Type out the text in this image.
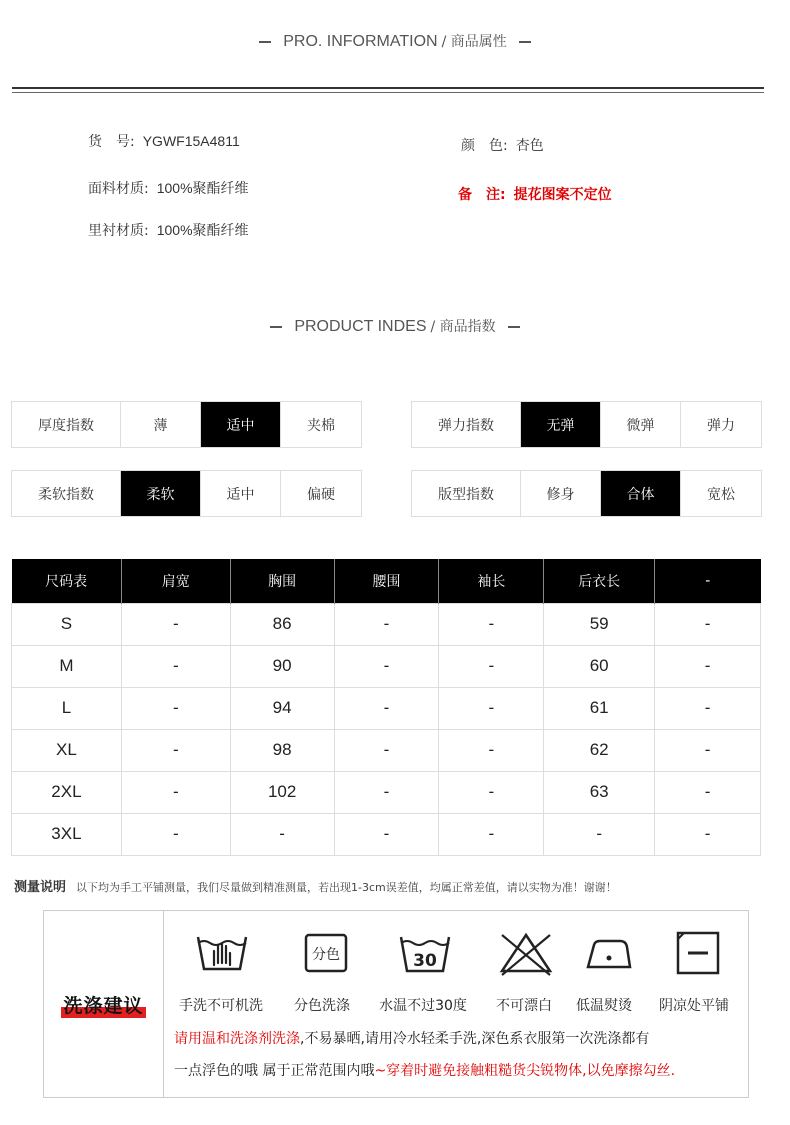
PRO. INFORMATION / 商品属性
货　号: YGWF15A4811
面料材质: 100%聚酯纤维
里衬材质: 100%聚酯纤维
颜　色: 杏色
备　注: 提花图案不定位
PRODUCT INDES / 商品指数
厚度指数	薄	适中	夹棉	弹力指数	无弹	微弹	弹力
柔软指数	柔软	适中	偏硬	版型指数	修身	合体	宽松
尺码表	肩宽	胸围	腰围	袖长	后衣长	-
S	-	86	-	-	59	-
M	-	90	-	-	60	-
L	-	94	-	-	61	-
XL	-	98	-	-	62	-
2XL	-	102	-	-	63	-
3XL	-	-	-	-	-	-
测量说明 以下均为手工平铺测量，我们尽量做到精准测量，若出现1-3cm误差值，均属正常差值，请以实物为准！谢谢！
洗涤建议	手洗不可机洗
分色
分色洗涤
30
水温不过30度	不可漂白	低温熨烫	阴凉处平铺
请用温和洗涤剂洗涤,不易暴晒,请用冷水轻柔手洗,深色系衣服第一次洗涤都有
一点浮色的哦 属于正常范围内哦~穿着时避免接触粗糙货尖锐物体,以免摩擦勾丝.
